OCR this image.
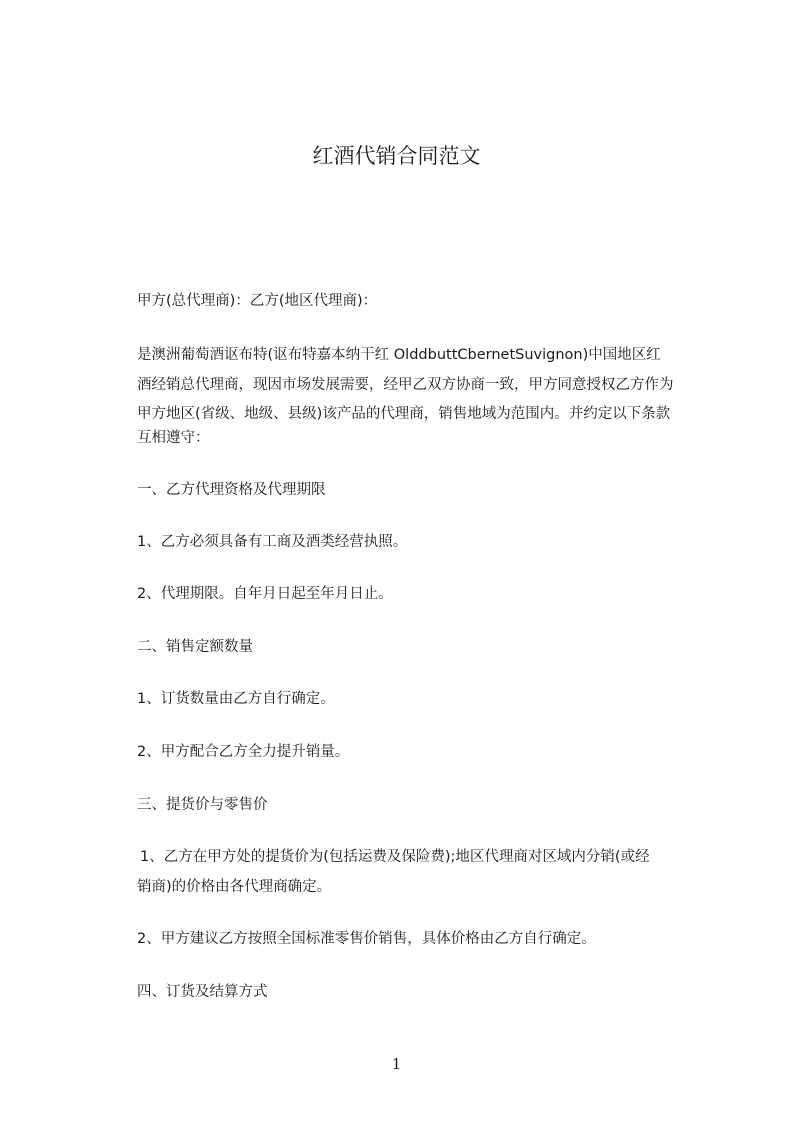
红酒代销合同范文
甲方(总代理商)：乙方(地区代理商)：
是澳洲葡萄酒讴布特(讴布特嘉本纳干红 OlddbuttCbernetSuvignon)中国地区红
酒经销总代理商，现因市场发展需要，经甲乙双方协商一致，甲方同意授权乙方作为
甲方地区(省级、地级、县级)该产品的代理商，销售地域为范围内。并约定以下条款
互相遵守：
一、乙方代理资格及代理期限
1、乙方必须具备有工商及酒类经营执照。
2、代理期限。自年月日起至年月日止。
二、销售定额数量
1、订货数量由乙方自行确定。
2、甲方配合乙方全力提升销量。
三、提货价与零售价
1、乙方在甲方处的提货价为(包括运费及保险费);地区代理商对区域内分销(或经
销商)的价格由各代理商确定。
2、甲方建议乙方按照全国标准零售价销售，具体价格由乙方自行确定。
四、订货及结算方式
1
